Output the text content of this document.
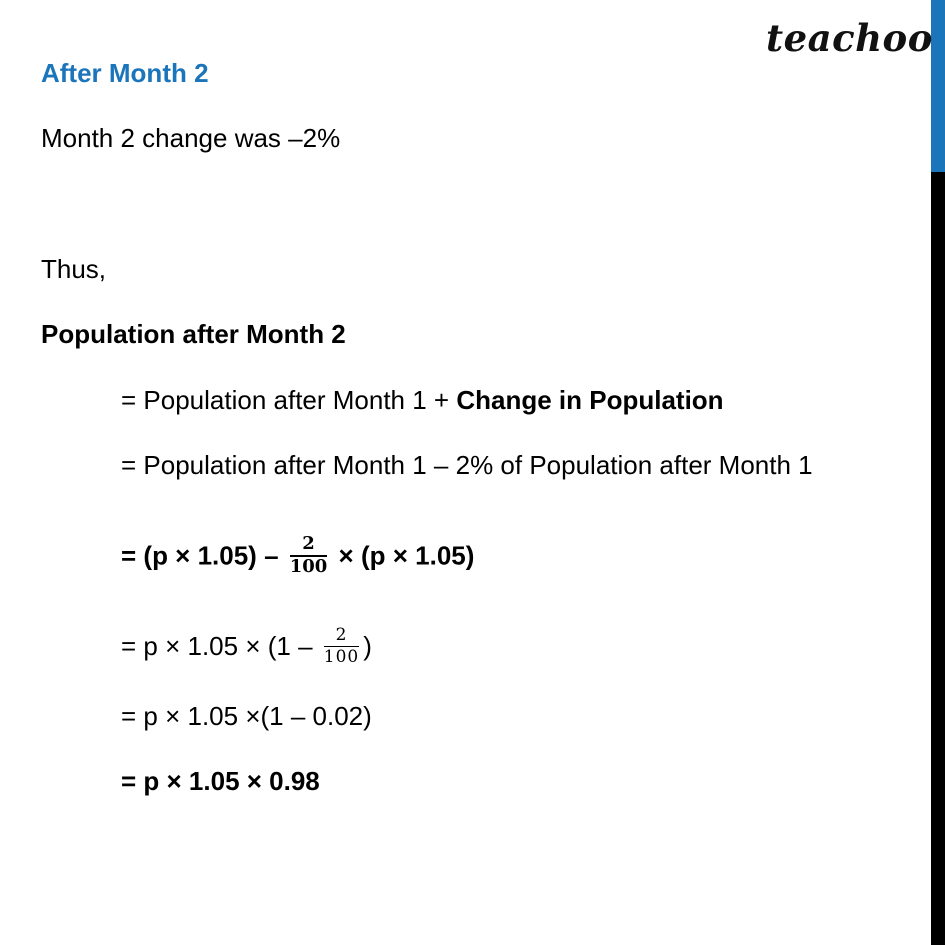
teachoo
After Month 2
Month 2 change was –2%
Thus,
Population after Month 2
= Population after Month 1 + Change in Population
= Population after Month 1 – 2% of Population after Month 1
= $(p \times 1.05) - \frac{2}{100} \times (p \times 1.05)$
= $p \times 1.05 \times (1 - \frac{2}{100}$ )
= p × 1.05 ×(1 – 0.02)
= p × 1.05 × 0.98
